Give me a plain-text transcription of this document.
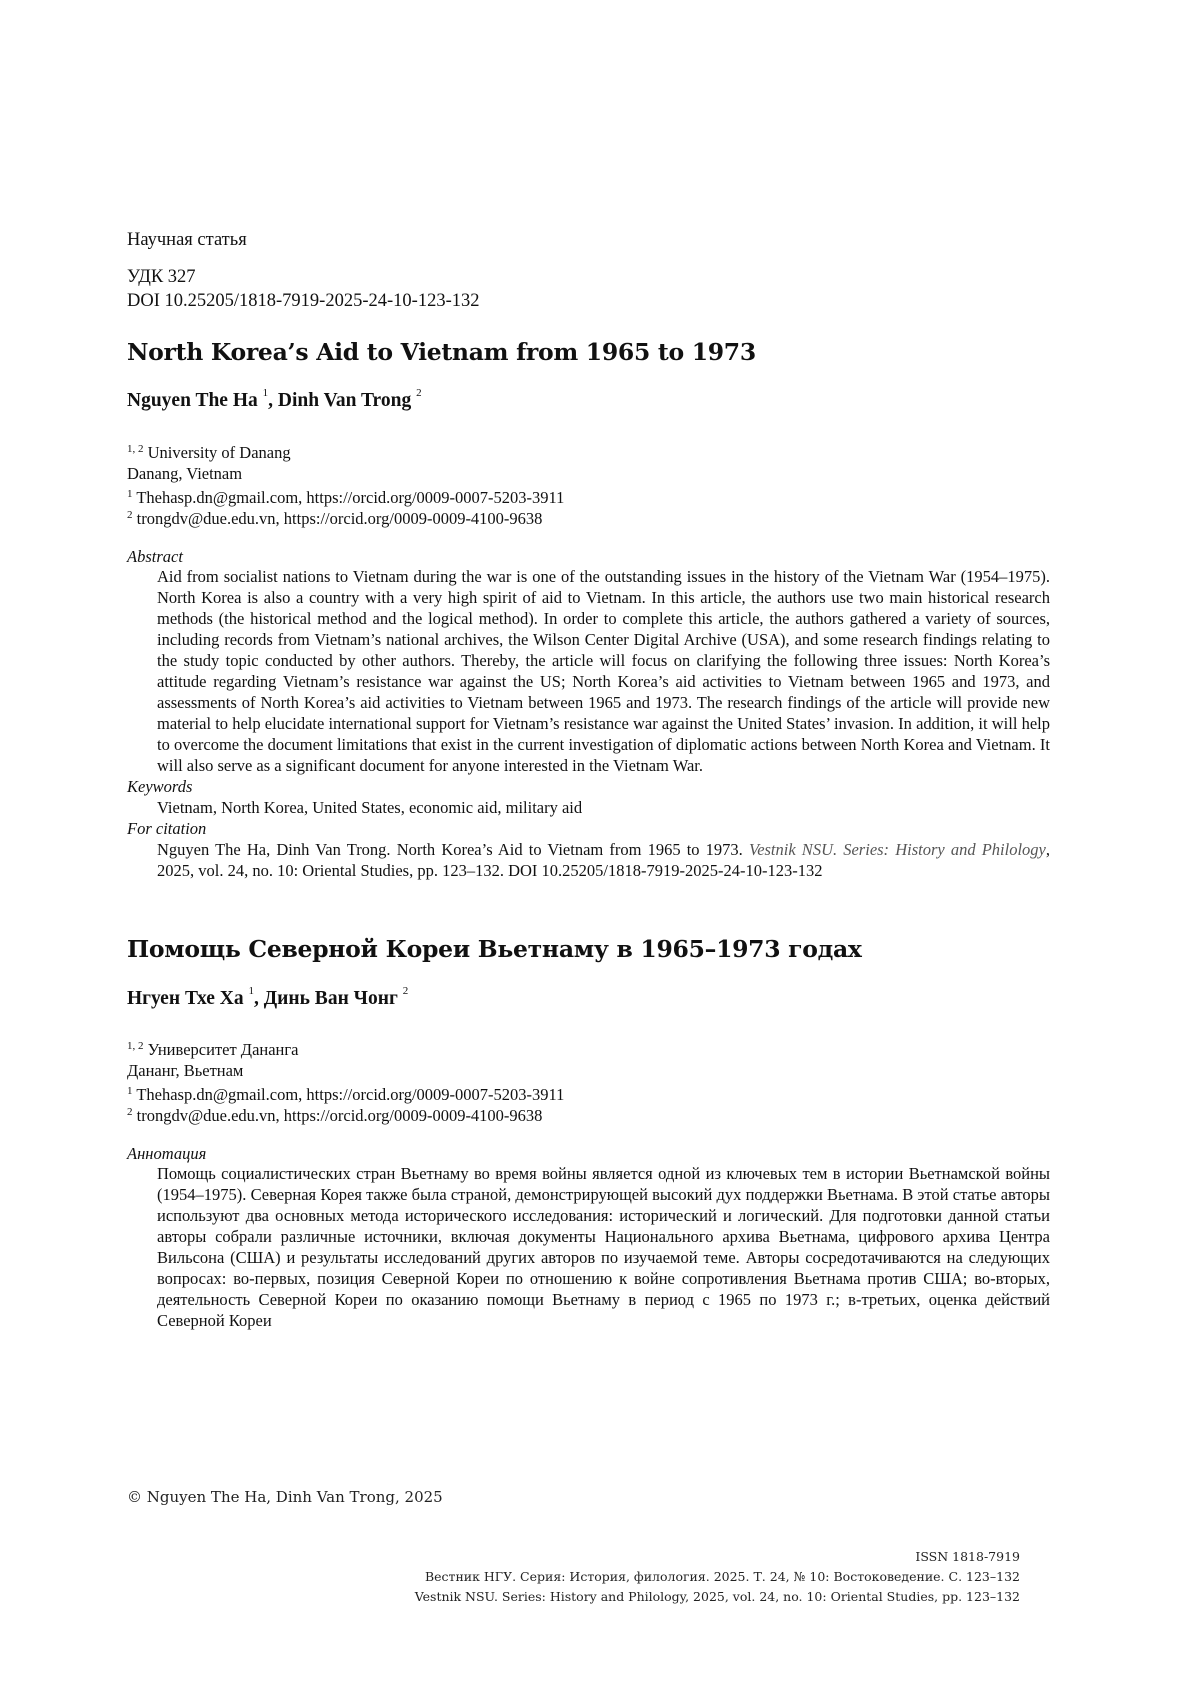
Научная статья
УДК 327
DOI 10.25205/1818-7919-2025-24-10-123-132
North Korea’s Aid to Vietnam from 1965 to 1973
Nguyen The Ha $^1$, Dinh Van Trong $^2$
$^{1, 2}$ University of Danang
Danang, Vietnam
$^1$ Thehasp.dn@gmail.com, https://orcid.org/0009-0007-5203-3911
$^2$ trongdv@due.edu.vn, https://orcid.org/0009-0009-4100-9638
Abstract
Aid from socialist nations to Vietnam during the war is one of the outstanding issues in the history of the Vietnam War (1954–1975). North Korea is also a country with a very high spirit of aid to Vietnam. In this article, the authors use two main historical research methods (the historical method and the logical method). In order to complete this article, the authors gathered a variety of sources, including records from Vietnam’s national archives, the Wilson Center Digital Archive (USA), and some research findings relating to the study topic conducted by other authors. Thereby, the article will focus on clarifying the following three issues: North Korea’s attitude regarding Vietnam’s resistance war against the US; North Korea’s aid activities to Vietnam between 1965 and 1973, and assessments of North Korea’s aid activities to Vietnam between 1965 and 1973. The research findings of the article will provide new material to help elucidate international support for Vietnam’s resistance war against the United States’ invasion. In addition, it will help to overcome the document limitations that exist in the current investigation of diplomatic actions between North Korea and Vietnam. It will also serve as a significant document for anyone interested in the Vietnam War.
Keywords
Vietnam, North Korea, United States, economic aid, military aid
For citation
Nguyen The Ha, Dinh Van Trong. North Korea’s Aid to Vietnam from 1965 to 1973. Vestnik NSU. Series: History and Philology, 2025, vol. 24, no. 10: Oriental Studies, pp. 123–132. DOI 10.25205/1818-7919-2025-24-10-123-132
Помощь Северной Кореи Вьетнаму в 1965–1973 годах
Нгуен Тхе Ха $^1$, Динь Ван Чонг $^2$
$^{1, 2}$ Университет Дананга
Дананг, Вьетнам
$^1$ Thehasp.dn@gmail.com, https://orcid.org/0009-0007-5203-3911
$^2$ trongdv@due.edu.vn, https://orcid.org/0009-0009-4100-9638
Аннотация
Помощь социалистических стран Вьетнаму во время войны является одной из ключевых тем в истории Вьетнамской войны (1954–1975). Северная Корея также была страной, демонстрирующей высокий дух поддержки Вьетнама. В этой статье авторы используют два основных метода исторического исследования: исторический и логический. Для подготовки данной статьи авторы собрали различные источники, включая документы Национального архива Вьетнама, цифрового архива Центра Вильсона (США) и результаты исследований других авторов по изучаемой теме. Авторы сосредотачиваются на следующих вопросах: во-первых, позиция Северной Кореи по отношению к войне сопротивления Вьетнама против США; во-вторых, деятельность Северной Кореи по оказанию помощи Вьетнаму в период с 1965 по 1973 г.; в-третьих, оценка действий Северной Кореи
© Nguyen The Ha, Dinh Van Trong, 2025
ISSN 1818-7919
Вестник НГУ. Серия: История, филология. 2025. Т. 24, № 10: Востоковедение. С. 123–132
Vestnik NSU. Series: History and Philology, 2025, vol. 24, no. 10: Oriental Studies, pp. 123–132
